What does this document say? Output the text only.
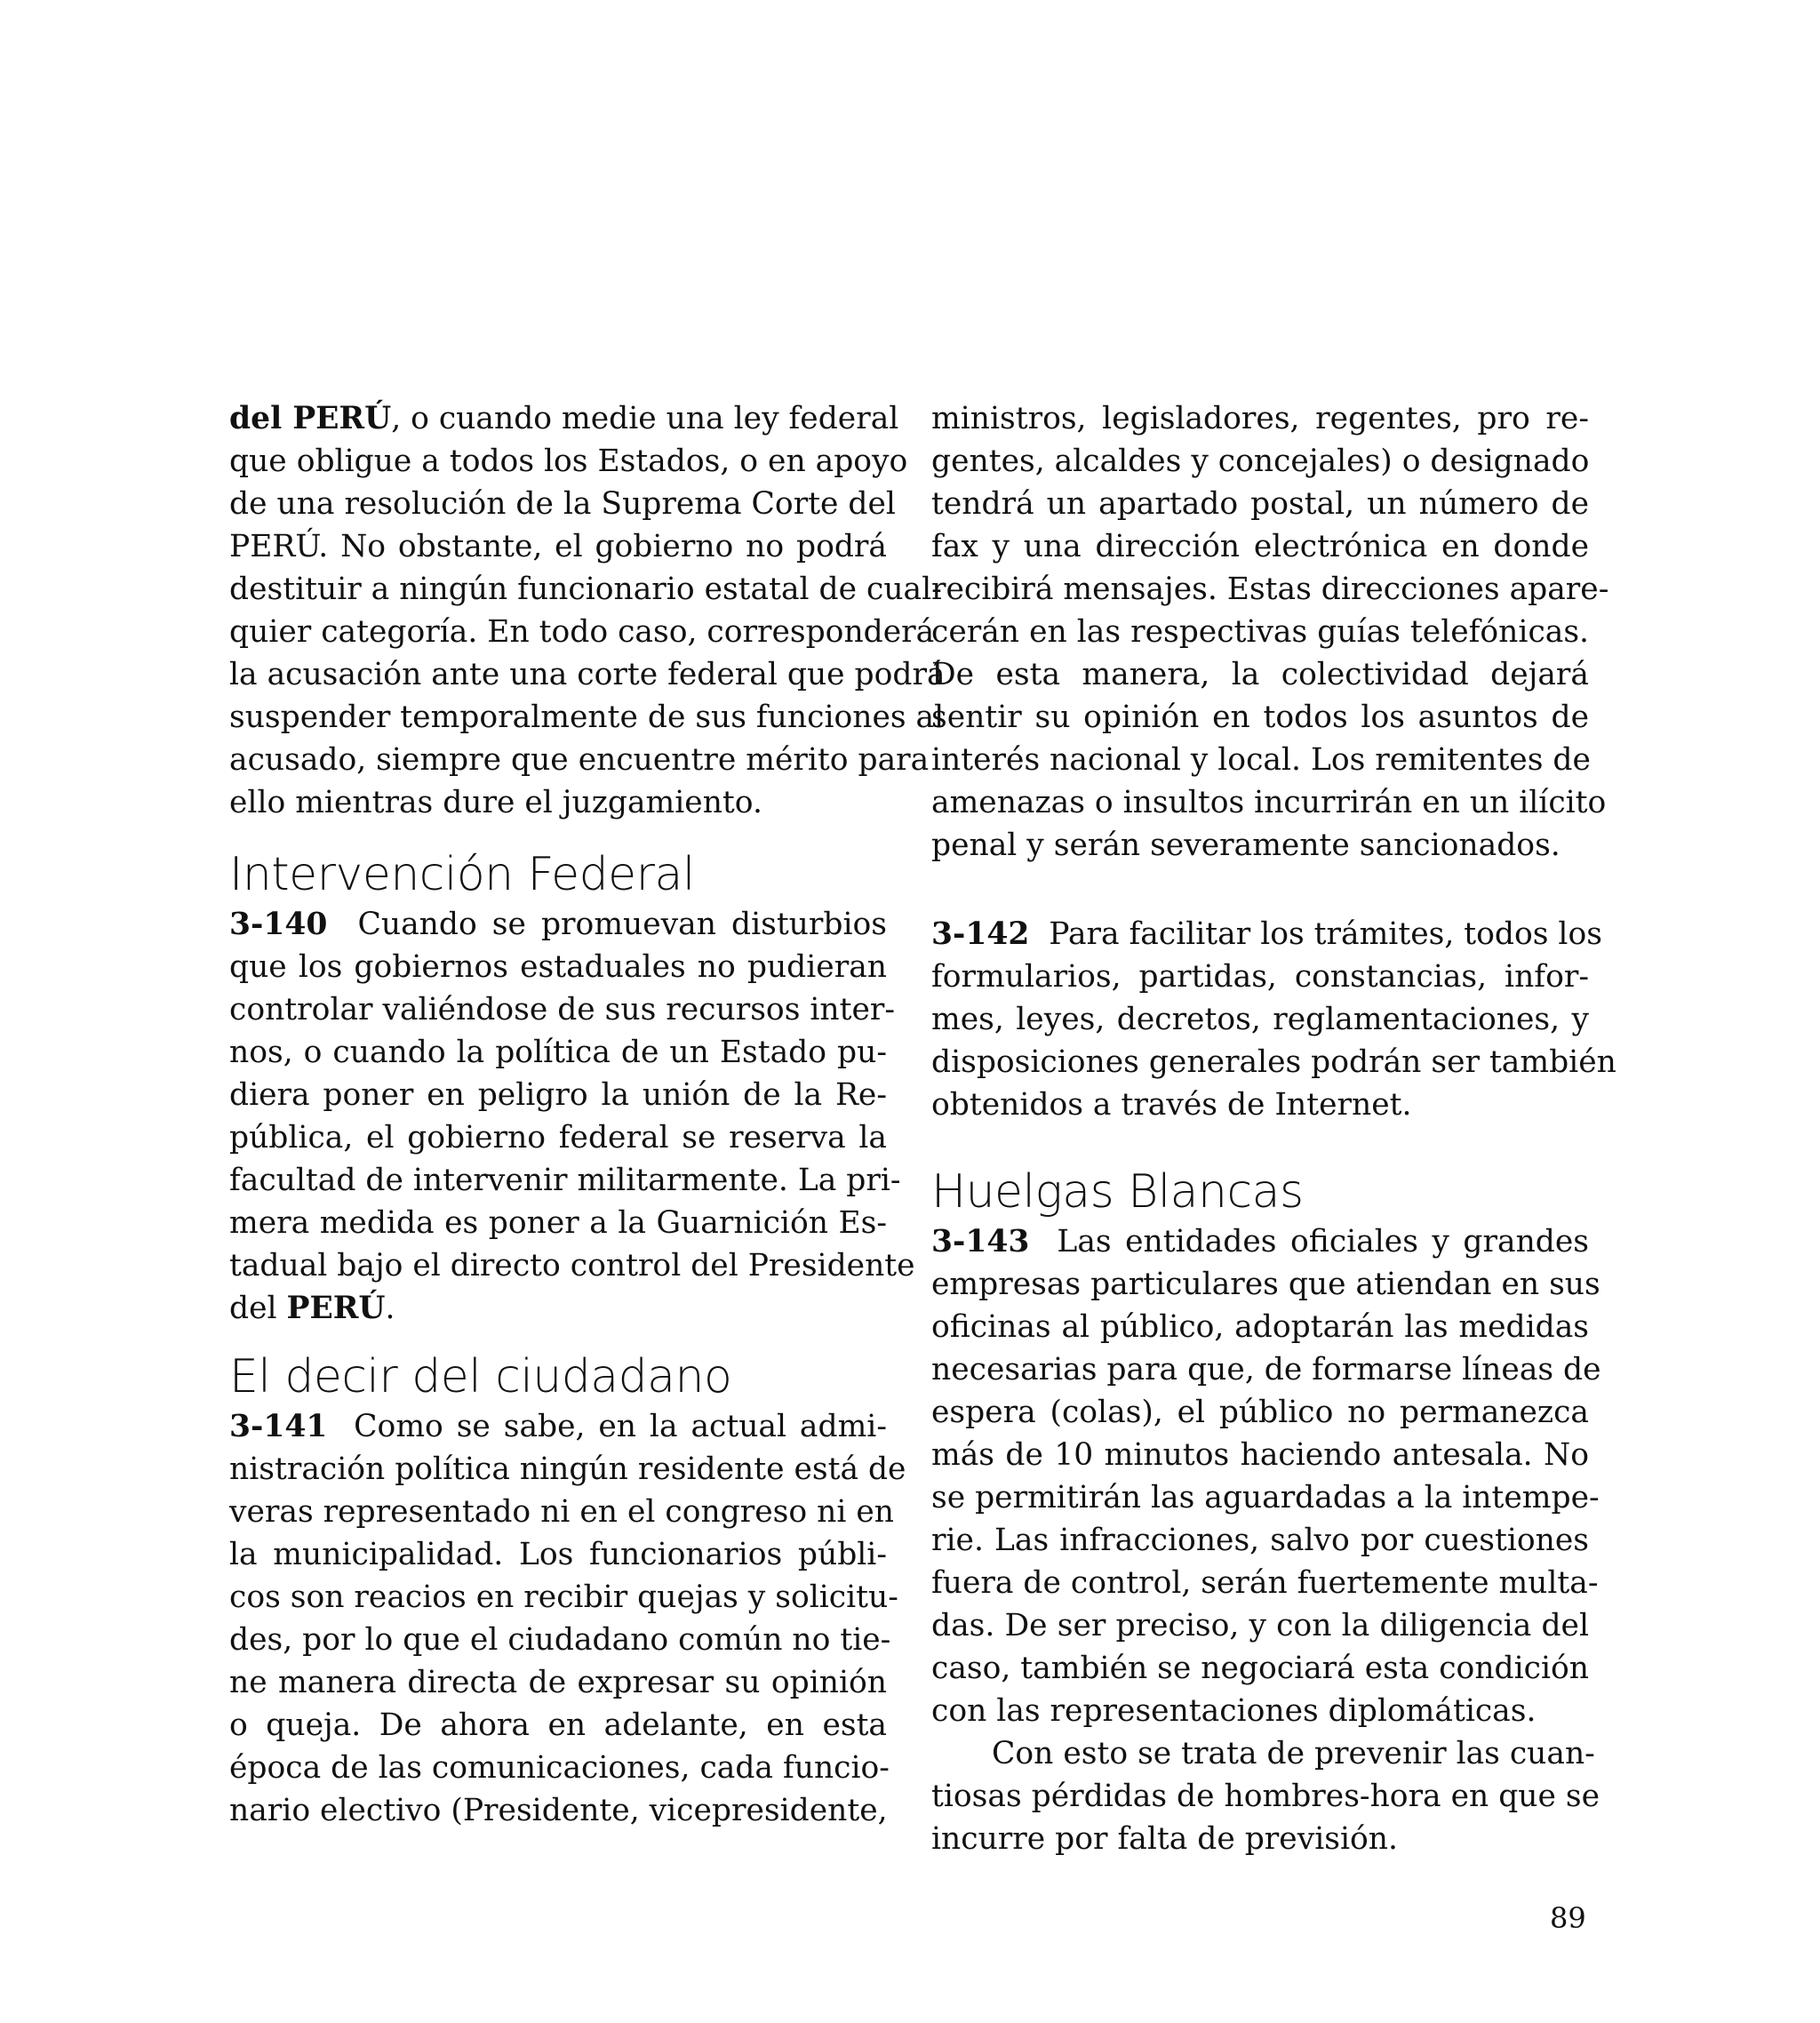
del PERÚ, o cuando medie una ley federal
que obligue a todos los Estados, o en apoyo
de una resolución de la Suprema Corte del
PERÚ. No obstante, el gobierno no podrá
destituir a ningún funcionario estatal de cual-
quier categoría. En todo caso, corresponderá
la acusación ante una corte federal que podrá
suspender temporalmente de sus funciones al
acusado, siempre que encuentre mérito para
ello mientras dure el juzgamiento.
Intervención Federal
3-140 Cuando se promuevan disturbios
que los gobiernos estaduales no pudieran
controlar valiéndose de sus recursos inter-
nos, o cuando la política de un Estado pu-
diera poner en peligro la unión de la Re-
pública, el gobierno federal se reserva la
facultad de intervenir militarmente. La pri-
mera medida es poner a la Guarnición Es-
tadual bajo el directo control del Presidente
del PERÚ.
El decir del ciudadano
3-141 Como se sabe, en la actual admi-
nistración política ningún residente está de
veras representado ni en el congreso ni en
la municipalidad. Los funcionarios públi-
cos son reacios en recibir quejas y solicitu-
des, por lo que el ciudadano común no tie-
ne manera directa de expresar su opinión
o queja. De ahora en adelante, en esta
época de las comunicaciones, cada funcio-
nario electivo (Presidente, vicepresidente,
ministros, legisladores, regentes, pro re-
gentes, alcaldes y concejales) o designado
tendrá un apartado postal, un número de
fax y una dirección electrónica en donde
recibirá mensajes. Estas direcciones apare-
cerán en las respectivas guías telefónicas.
De esta manera, la colectividad dejará
sentir su opinión en todos los asuntos de
interés nacional y local. Los remitentes de
amenazas o insultos incurrirán en un ilícito
penal y serán severamente sancionados.
3-142 Para facilitar los trámites, todos los
formularios, partidas, constancias, infor-
mes, leyes, decretos, reglamentaciones, y
disposiciones generales podrán ser también
obtenidos a través de Internet.
Huelgas Blancas
3-143 Las entidades oficiales y grandes
empresas particulares que atiendan en sus
oficinas al público, adoptarán las medidas
necesarias para que, de formarse líneas de
espera (colas), el público no permanezca
más de 10 minutos haciendo antesala. No
se permitirán las aguardadas a la intempe-
rie. Las infracciones, salvo por cuestiones
fuera de control, serán fuertemente multa-
das. De ser preciso, y con la diligencia del
caso, también se negociará esta condición
con las representaciones diplomáticas.
Con esto se trata de prevenir las cuan-
tiosas pérdidas de hombres-hora en que se
incurre por falta de previsión.
89
